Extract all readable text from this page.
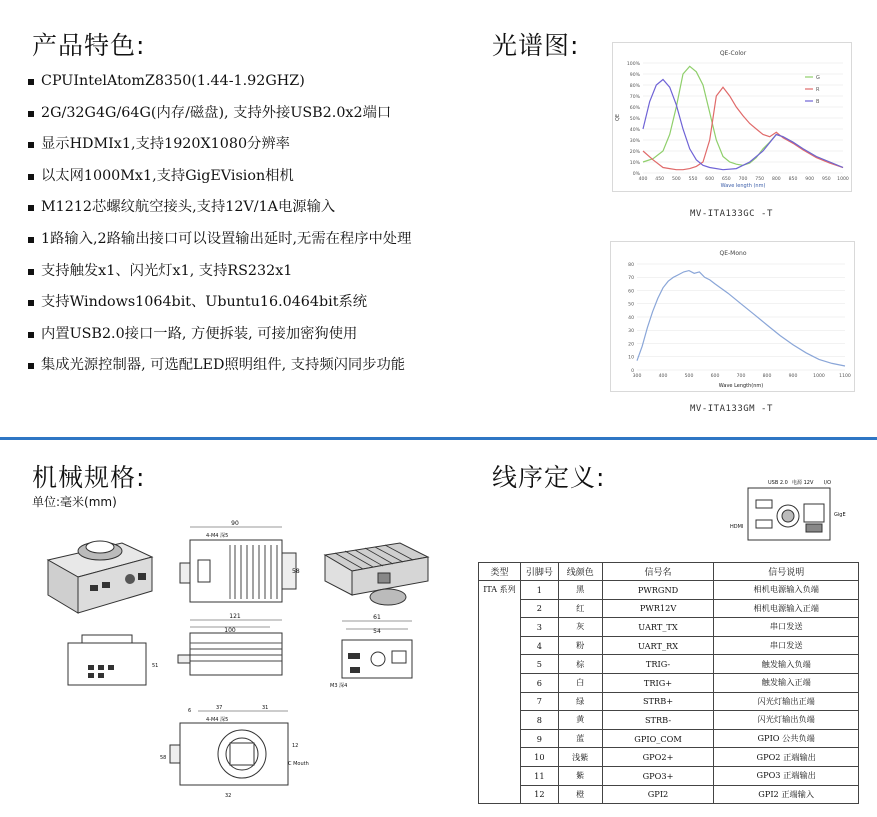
产品特色:	光谱图:
机械规格:	线序定义:
CPUIntelAtomZ8350(1.44-1.92GHZ)
2G/32G4G/64G(内存/磁盘), 支持外接USB2.0x2端口
显示HDMIx1,支持1920X1080分辨率
以太网1000Mx1,支持GigEVision相机
M1212芯螺纹航空接头,支持12V/1A电源输入
1路输入,2路输出接口可以设置输出延时,无需在程序中处理
支持触发x1、闪光灯x1, 支持RS232x1
支持Windows1064bit、Ubuntu16.0464bit系统
内置USB2.0接口一路, 方便拆装, 可接加密狗使用
集成光源控制器, 可选配LED照明组件, 支持频闪同步功能
QE-Color
QE
Wave length (nm)
0%
10%
20%
30%
40%
50%
60%
70%
80%
90%
100%
400 450 500 550 600 650 700 750 800 850 900 950 1000
G
R
B
MV-ITA133GC -T
QE-Mono
Wave Length(nm)
0
10
20
30
40
50
60
70
80
300	400	500	600	700	800	900	1000	1100
MV-ITA133GM -T
单位:毫米(mm)
90
4-M4 深5
58
51
121
100
61
54
M3 深4
37	31
6
12
C Mouth
32
58
4-M4 深5
USB 2.0 电源 12V
HDMI
GigE
I/O
类型	引脚号	线颜色	信号名	信号说明
ITA 系列	1	黑	PWRGND	相机电源输入负端
	2	红	PWR12V	相机电源输入正端
	3	灰	UART_TX	串口发送
	4	粉	UART_RX	串口发送
	5	棕	TRIG-	触发输入负端
	6	白	TRIG+	触发输入正端
	7	绿	STRB+	闪光灯输出正端
	8	黄	STRB-	闪光灯输出负端
	9	蓝	GPIO_COM	GPIO 公共负端
	10	浅紫	GPO2+	GPO2 正端输出
	11	紫	GPO3+	GPO3 正端输出
	12	橙	GPI2	GPI2 正端输入
